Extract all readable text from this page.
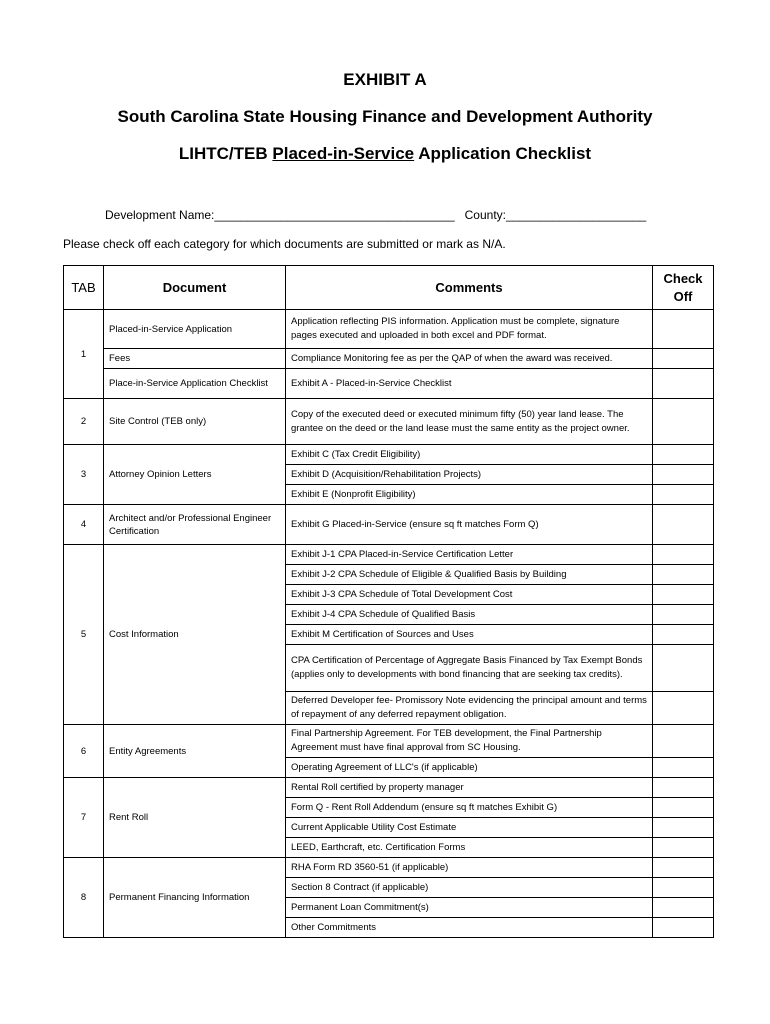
EXHIBIT A
South Carolina State Housing Finance and Development Authority
LIHTC/TEB Placed-in-Service Application Checklist
Development Name:____________________________________ County:_____________________
Please check off each category for which documents are submitted or mark as N/A.
TAB	Document	Comments	Check Off
1	Placed-in-Service Application	Application reflecting PIS information. Application must be complete, signature pages executed and uploaded in both excel and PDF format.	
	Fees	Compliance Monitoring fee as per the QAP of when the award was received.	
	Place-in-Service Application Checklist	Exhibit A - Placed-in-Service Checklist	
2	Site Control (TEB only)	Copy of the executed deed or executed minimum fifty (50) year land lease. The grantee on the deed or the land lease must the same entity as the project owner.	
3	Attorney Opinion Letters	Exhibit C (Tax Credit Eligibility)	
		Exhibit D (Acquisition/Rehabilitation Projects)	
		Exhibit E (Nonprofit Eligibility)	
4	Architect and/or Professional Engineer Certification	Exhibit G Placed-in-Service (ensure sq ft matches Form Q)	
5	Cost Information	Exhibit J-1 CPA Placed-in-Service Certification Letter	
		Exhibit J-2 CPA Schedule of Eligible & Qualified Basis by Building	
		Exhibit J-3 CPA Schedule of Total Development Cost	
		Exhibit J-4 CPA Schedule of Qualified Basis	
		Exhibit M Certification of Sources and Uses	
		CPA Certification of Percentage of Aggregate Basis Financed by Tax Exempt Bonds (applies only to developments with bond financing that are seeking tax credits).	
		Deferred Developer fee- Promissory Note evidencing the principal amount and terms of repayment of any deferred repayment obligation.	
6	Entity Agreements	Final Partnership Agreement. For TEB development, the Final Partnership Agreement must have final approval from SC Housing.	
		Operating Agreement of LLC's (if applicable)	
7	Rent Roll	Rental Roll certified by property manager	
		Form Q - Rent Roll Addendum (ensure sq ft matches Exhibit G)	
		Current Applicable Utility Cost Estimate	
		LEED, Earthcraft, etc. Certification Forms	
8	Permanent Financing Information	RHA Form RD 3560-51 (if applicable)	
		Section 8 Contract (if applicable)	
		Permanent Loan Commitment(s)	
		Other Commitments	
